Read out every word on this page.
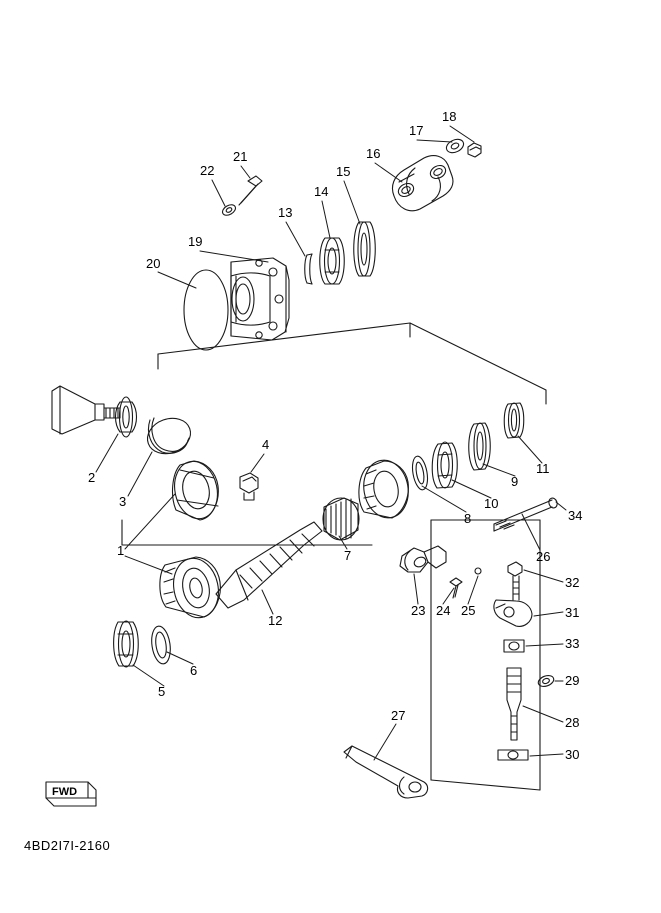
1
2
3
4
5
6
7
8
9
10
11
12
13
14
15
16
17
18
19
20
21
22
23 24 25
26
27	28
29
30
31
32
33
34
FWD
4BD2I7I-2160
